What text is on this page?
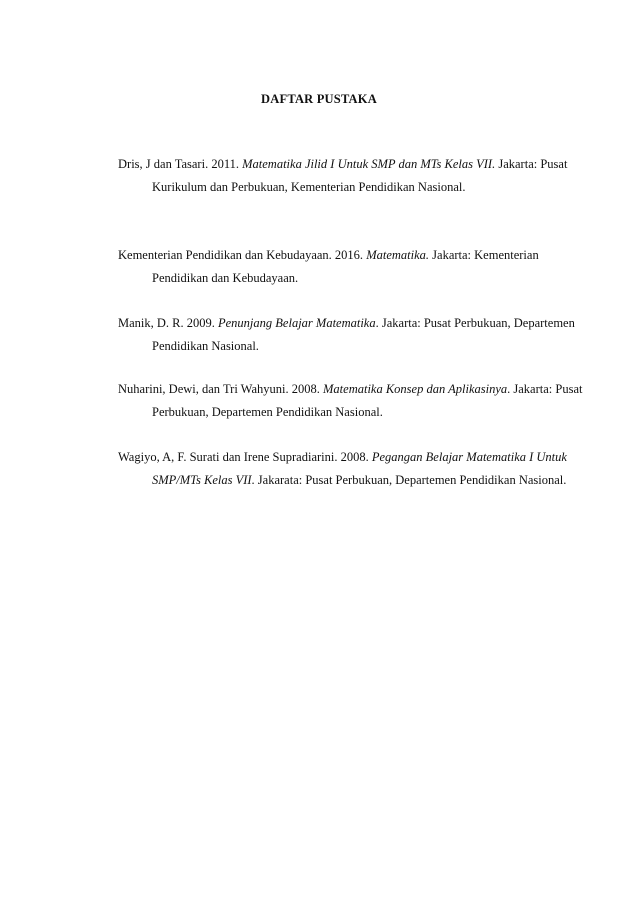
DAFTAR PUSTAKA
Dris, J dan Tasari. 2011. Matematika Jilid I Untuk SMP dan MTs Kelas VII. Jakarta: Pusat Kurikulum dan Perbukuan, Kementerian Pendidikan Nasional.
Kementerian Pendidikan dan Kebudayaan. 2016. Matematika. Jakarta: Kementerian Pendidikan dan Kebudayaan.
Manik, D. R. 2009. Penunjang Belajar Matematika. Jakarta: Pusat Perbukuan, Departemen Pendidikan Nasional.
Nuharini, Dewi, dan Tri Wahyuni. 2008. Matematika Konsep dan Aplikasinya. Jakarta: Pusat Perbukuan, Departemen Pendidikan Nasional.
Wagiyo, A, F. Surati dan Irene Supradiarini. 2008. Pegangan Belajar Matematika I Untuk SMP/MTs Kelas VII. Jakarata: Pusat Perbukuan, Departemen Pendidikan Nasional.
